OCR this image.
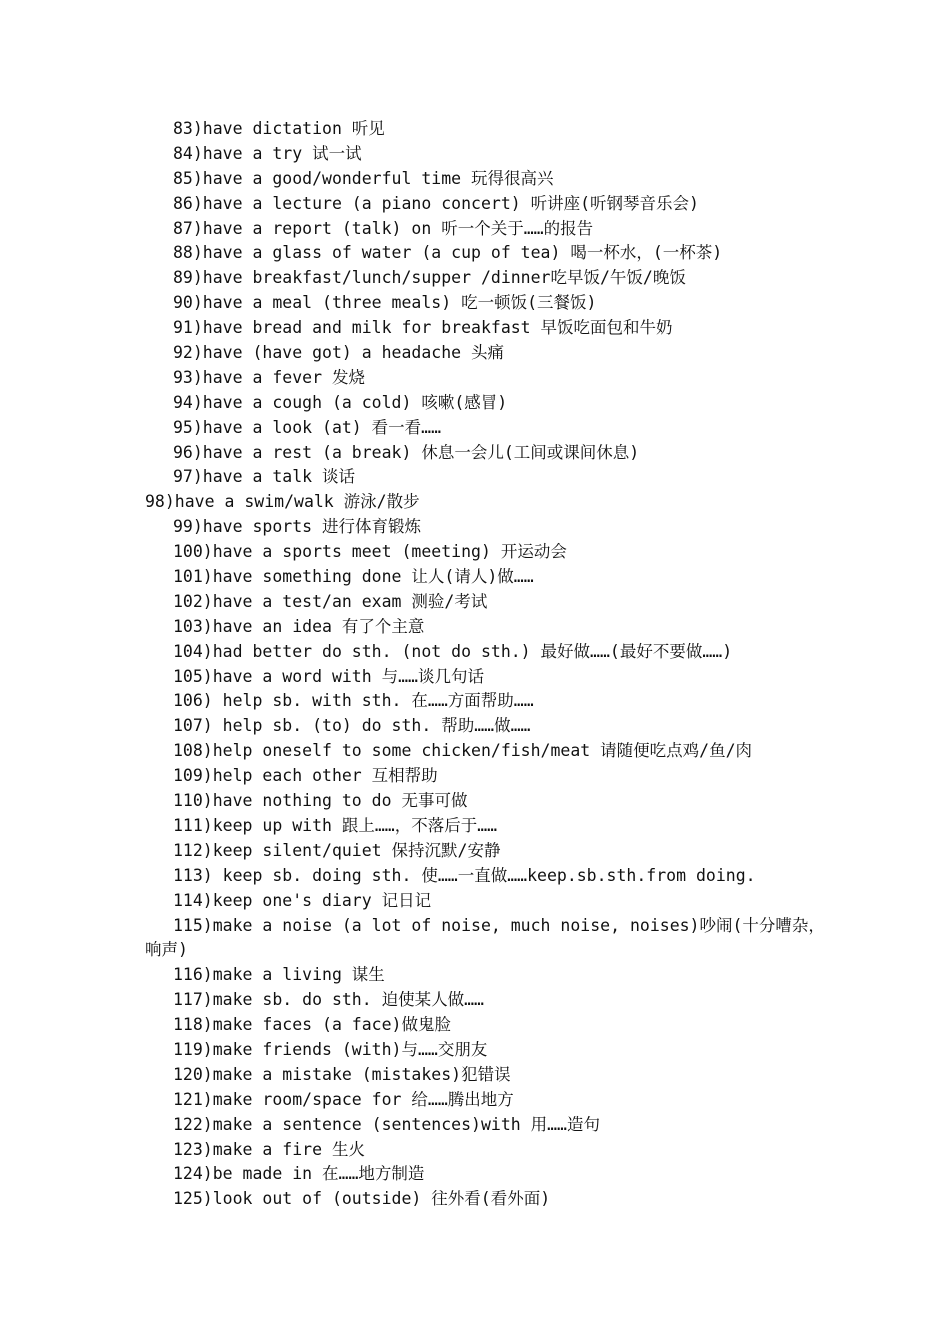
83)have dictation 听见
84)have a try 试一试
85)have a good/wonderful time 玩得很高兴
86)have a lecture (a piano concert) 听讲座(听钢琴音乐会)
87)have a report (talk) on 听一个关于……的报告
88)have a glass of water (a cup of tea) 喝一杯水，(一杯茶)
89)have breakfast/lunch/supper /dinner吃早饭/午饭/晚饭
90)have a meal (three meals) 吃一顿饭(三餐饭)
91)have bread and milk for breakfast 早饭吃面包和牛奶
92)have (have got) a headache 头痛
93)have a fever 发烧
94)have a cough (a cold) 咳嗽(感冒)
95)have a look (at) 看一看……
96)have a rest (a break) 休息一会儿(工间或课间休息)
97)have a talk 谈话
98)have a swim/walk 游泳/散步
99)have sports 进行体育锻炼
100)have a sports meet (meeting) 开运动会
101)have something done 让人(请人)做……
102)have a test/an exam 测验/考试
103)have an idea 有了个主意
104)had better do sth. (not do sth.) 最好做……(最好不要做……)
105)have a word with 与……谈几句话
106) help sb. with sth. 在……方面帮助……
107) help sb. (to) do sth. 帮助……做……
108)help oneself to some chicken/fish/meat 请随便吃点鸡/鱼/肉
109)help each other 互相帮助
110)have nothing to do 无事可做
111)keep up with 跟上……，不落后于……
112)keep silent/quiet 保持沉默/安静
113) keep sb. doing sth. 使……一直做……keep.sb.sth.from doing.
114)keep one's diary 记日记
115)make a noise (a lot of noise, much noise, noises)吵闹(十分嘈杂，
响声)
116)make a living 谋生
117)make sb. do sth. 迫使某人做……
118)make faces (a face)做鬼脸
119)make friends (with)与……交朋友
120)make a mistake (mistakes)犯错误
121)make room/space for 给……腾出地方
122)make a sentence (sentences)with 用……造句
123)make a fire 生火
124)be made in 在……地方制造
125)look out of (outside) 往外看(看外面)
